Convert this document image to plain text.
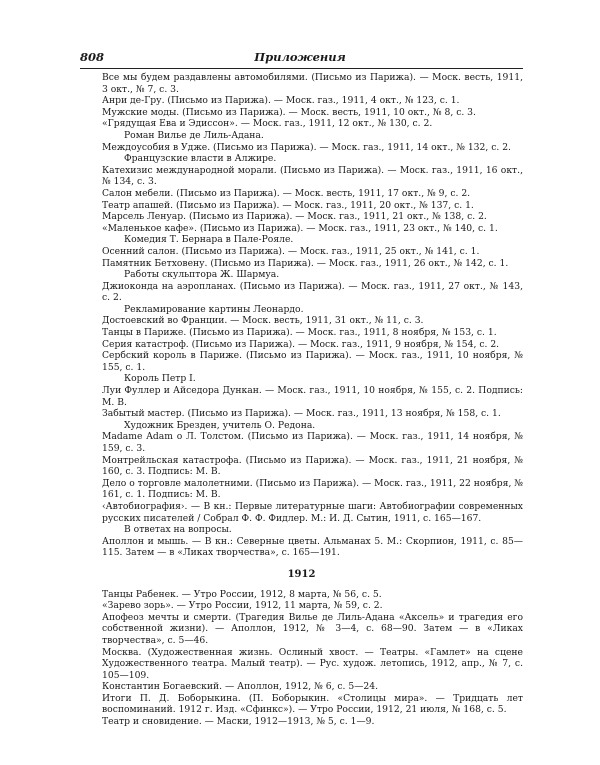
808	Приложения
Все мы будем раздавлены автомобилями. (Письмо из Парижа). — Моск. весть, 1911, 3 окт., № 7, с. 3.
Анри де-Гру. (Письмо из Парижа). — Моск. газ., 1911, 4 окт., № 123, с. 1.
Мужские моды. (Письмо из Парижа). — Моск. весть, 1911, 10 окт., № 8, с. 3.
«Грядущая Ева и Эдиссон». — Моск. газ., 1911, 12 окт., № 130, с. 2.
Роман Вилье де Лиль-Адана.
Междоусобия в Удже. (Письмо из Парижа). — Моск. газ., 1911, 14 окт., № 132, с. 2.
Французские власти в Алжире.
Катехизис международной морали. (Письмо из Парижа). — Моск. газ., 1911, 16 окт., № 134, с. 3.
Салон мебели. (Письмо из Парижа). — Моск. весть, 1911, 17 окт., № 9, с. 2.
Театр апашей. (Письмо из Парижа). — Моск. газ., 1911, 20 окт., № 137, с. 1.
Марсель Ленуар. (Письмо из Парижа). — Моск. газ., 1911, 21 окт., № 138, с. 2.
«Маленькое кафе». (Письмо из Парижа). — Моск. газ., 1911, 23 окт., № 140, с. 1.
Комедия Т. Бернара в Пале-Рояле.
Осенний салон. (Письмо из Парижа). — Моск. газ., 1911, 25 окт., № 141, с. 1.
Памятник Бетховену. (Письмо из Парижа). — Моск. газ., 1911, 26 окт., № 142, с. 1.
Работы скульптора Ж. Шармуа.
Джиоконда на аэропланах. (Письмо из Парижа). — Моск. газ., 1911, 27 окт., № 143, с. 2.
Рекламирование картины Леонардо.
Достоевский во Франции. — Моск. весть, 1911, 31 окт., № 11, с. 3.
Танцы в Париже. (Письмо из Парижа). — Моск. газ., 1911, 8 ноября, № 153, с. 1.
Серия катастроф. (Письмо из Парижа). — Моск. газ., 1911, 9 ноября, № 154, с. 2.
Сербский король в Париже. (Письмо из Парижа). — Моск. газ., 1911, 10 ноября, № 155, с. 1.
Король Петр I.
Луи Фуллер и Айседора Дункан. — Моск. газ., 1911, 10 ноября, № 155, с. 2. Подпись: М. В.
Забытый мастер. (Письмо из Парижа). — Моск. газ., 1911, 13 ноября, № 158, с. 1.
Художник Брезден, учитель О. Редона.
Madame Adam о Л. Толстом. (Письмо из Парижа). — Моск. газ., 1911, 14 ноября, № 159, с. 3.
Монтрейльская катастрофа. (Письмо из Парижа). — Моск. газ., 1911, 21 ноября, № 160, с. 3. Подпись: М. В.
Дело о торговле малолетними. (Письмо из Парижа). — Моск. газ., 1911, 22 ноября, № 161, с. 1. Подпись: М. В.
‹Автобиография›. — В кн.: Первые литературные шаги: Автобиографии современных русских писателей / Собрал Ф. Ф. Фидлер. М.: И. Д. Сытин, 1911, с. 165—167.
В ответах на вопросы.
Аполлон и мышь. — В кн.: Северные цветы. Альманах 5. М.: Скорпион, 1911, с. 85—115. Затем — в «Ликах творчества», с. 165—191.
1912
Танцы Рабенек. — Утро России, 1912, 8 марта, № 56, с. 5.
«Зарево зорь». — Утро России, 1912, 11 марта, № 59, с. 2.
Апофеоз мечты и смерти. (Трагедия Вилье де Лиль-Адана «Аксель» и трагедия его собственной жизни). — Аполлон, 1912, № 3—4, с. 68—90. Затем — в «Ликах творчества», с. 5—46.
Москва. (Художественная жизнь. Ослиный хвост. — Театры. «Гамлет» на сцене Художественного театра. Малый театр). — Рус. худож. летопись, 1912, апр., № 7, с. 105—109.
Константин Богаевский. — Аполлон, 1912, № 6, с. 5—24.
Итоги П. Д. Боборыкина. (П. Боборыкин. «Столицы мира». — Тридцать лет воспоминаний. 1912 г. Изд. «Сфинкс»). — Утро России, 1912, 21 июля, № 168, с. 5.
Театр и сновидение. — Маски, 1912—1913, № 5, с. 1—9.
